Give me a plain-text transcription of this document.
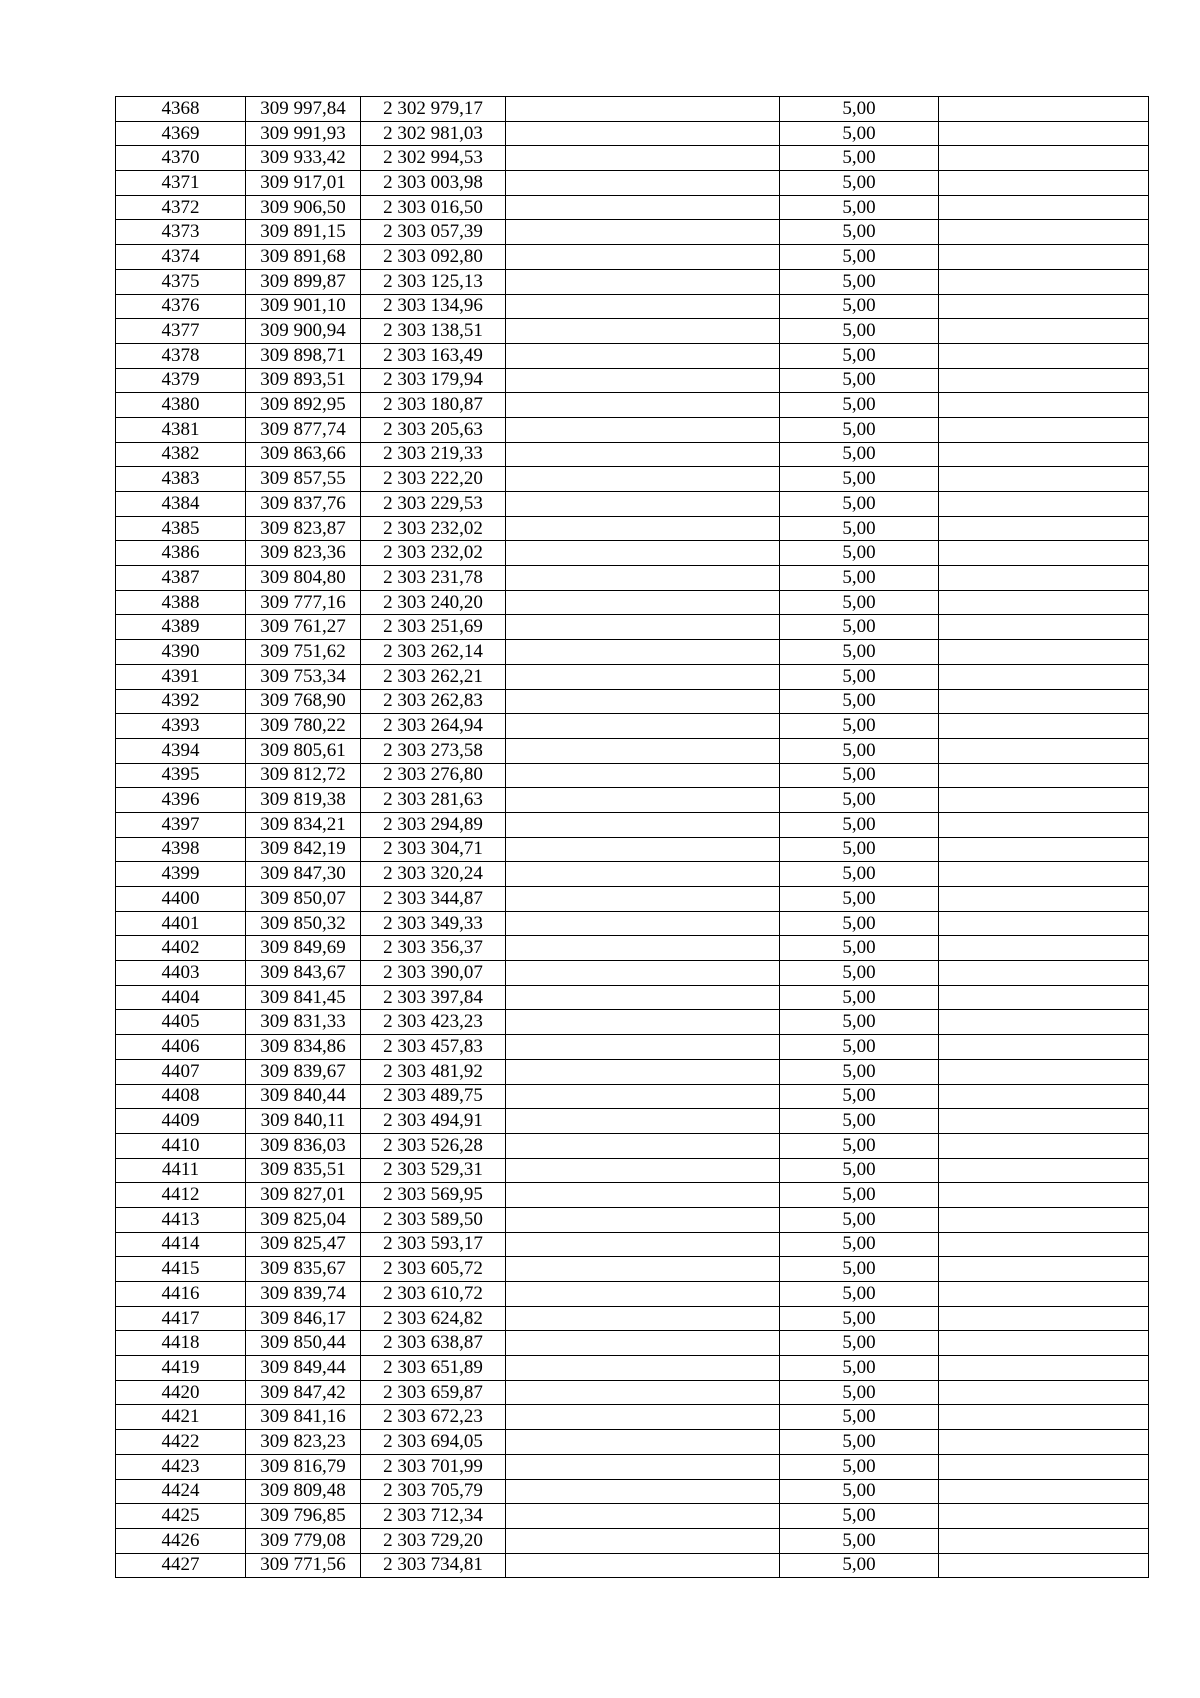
4368	309 997,84	2 302 979,17		5,00	
4369	309 991,93	2 302 981,03		5,00	
4370	309 933,42	2 302 994,53		5,00	
4371	309 917,01	2 303 003,98		5,00	
4372	309 906,50	2 303 016,50		5,00	
4373	309 891,15	2 303 057,39		5,00	
4374	309 891,68	2 303 092,80		5,00	
4375	309 899,87	2 303 125,13		5,00	
4376	309 901,10	2 303 134,96		5,00	
4377	309 900,94	2 303 138,51		5,00	
4378	309 898,71	2 303 163,49		5,00	
4379	309 893,51	2 303 179,94		5,00	
4380	309 892,95	2 303 180,87		5,00	
4381	309 877,74	2 303 205,63		5,00	
4382	309 863,66	2 303 219,33		5,00	
4383	309 857,55	2 303 222,20		5,00	
4384	309 837,76	2 303 229,53		5,00	
4385	309 823,87	2 303 232,02		5,00	
4386	309 823,36	2 303 232,02		5,00	
4387	309 804,80	2 303 231,78		5,00	
4388	309 777,16	2 303 240,20		5,00	
4389	309 761,27	2 303 251,69		5,00	
4390	309 751,62	2 303 262,14		5,00	
4391	309 753,34	2 303 262,21		5,00	
4392	309 768,90	2 303 262,83		5,00	
4393	309 780,22	2 303 264,94		5,00	
4394	309 805,61	2 303 273,58		5,00	
4395	309 812,72	2 303 276,80		5,00	
4396	309 819,38	2 303 281,63		5,00	
4397	309 834,21	2 303 294,89		5,00	
4398	309 842,19	2 303 304,71		5,00	
4399	309 847,30	2 303 320,24		5,00	
4400	309 850,07	2 303 344,87		5,00	
4401	309 850,32	2 303 349,33		5,00	
4402	309 849,69	2 303 356,37		5,00	
4403	309 843,67	2 303 390,07		5,00	
4404	309 841,45	2 303 397,84		5,00	
4405	309 831,33	2 303 423,23		5,00	
4406	309 834,86	2 303 457,83		5,00	
4407	309 839,67	2 303 481,92		5,00	
4408	309 840,44	2 303 489,75		5,00	
4409	309 840,11	2 303 494,91		5,00	
4410	309 836,03	2 303 526,28		5,00	
4411	309 835,51	2 303 529,31		5,00	
4412	309 827,01	2 303 569,95		5,00	
4413	309 825,04	2 303 589,50		5,00	
4414	309 825,47	2 303 593,17		5,00	
4415	309 835,67	2 303 605,72		5,00	
4416	309 839,74	2 303 610,72		5,00	
4417	309 846,17	2 303 624,82		5,00	
4418	309 850,44	2 303 638,87		5,00	
4419	309 849,44	2 303 651,89		5,00	
4420	309 847,42	2 303 659,87		5,00	
4421	309 841,16	2 303 672,23		5,00	
4422	309 823,23	2 303 694,05		5,00	
4423	309 816,79	2 303 701,99		5,00	
4424	309 809,48	2 303 705,79		5,00	
4425	309 796,85	2 303 712,34		5,00	
4426	309 779,08	2 303 729,20		5,00	
4427	309 771,56	2 303 734,81		5,00	
